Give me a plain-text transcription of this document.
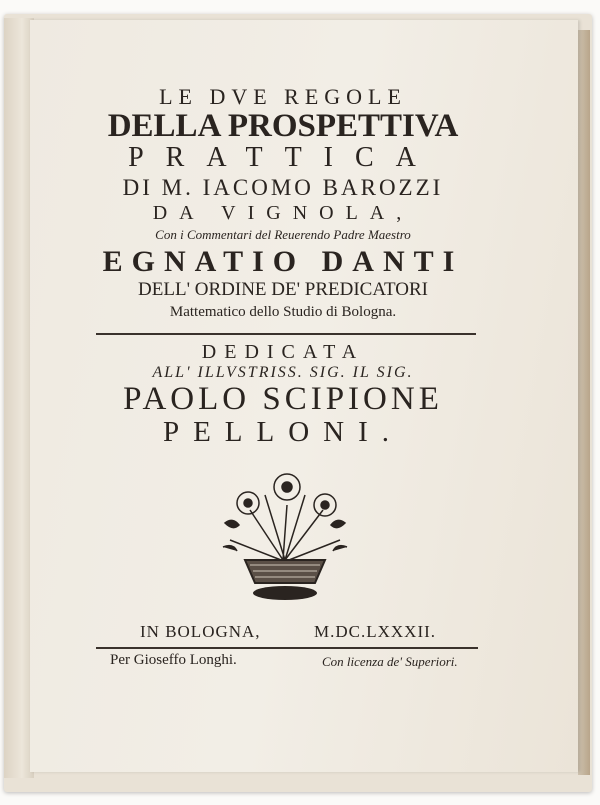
LE DVE REGOLE
DELLA PROSPETTIVA
PRATTICA
DI M. IACOMO BAROZZI
DA VIGNOLA,
Con i Commentari del Reuerendo Padre Maestro
EGNATIO DANTI
DELL' ORDINE DE' PREDICATORI
Mattematico dello Studio di Bologna.
DEDICATA
ALL' ILLVSTRISS. SIG. IL SIG.
PAOLO SCIPIONE
PELLONI.
IN BOLOGNA,	M.DC.LXXXII.
Per Gioseffo Longhi.	Con licenza de' Superiori.
